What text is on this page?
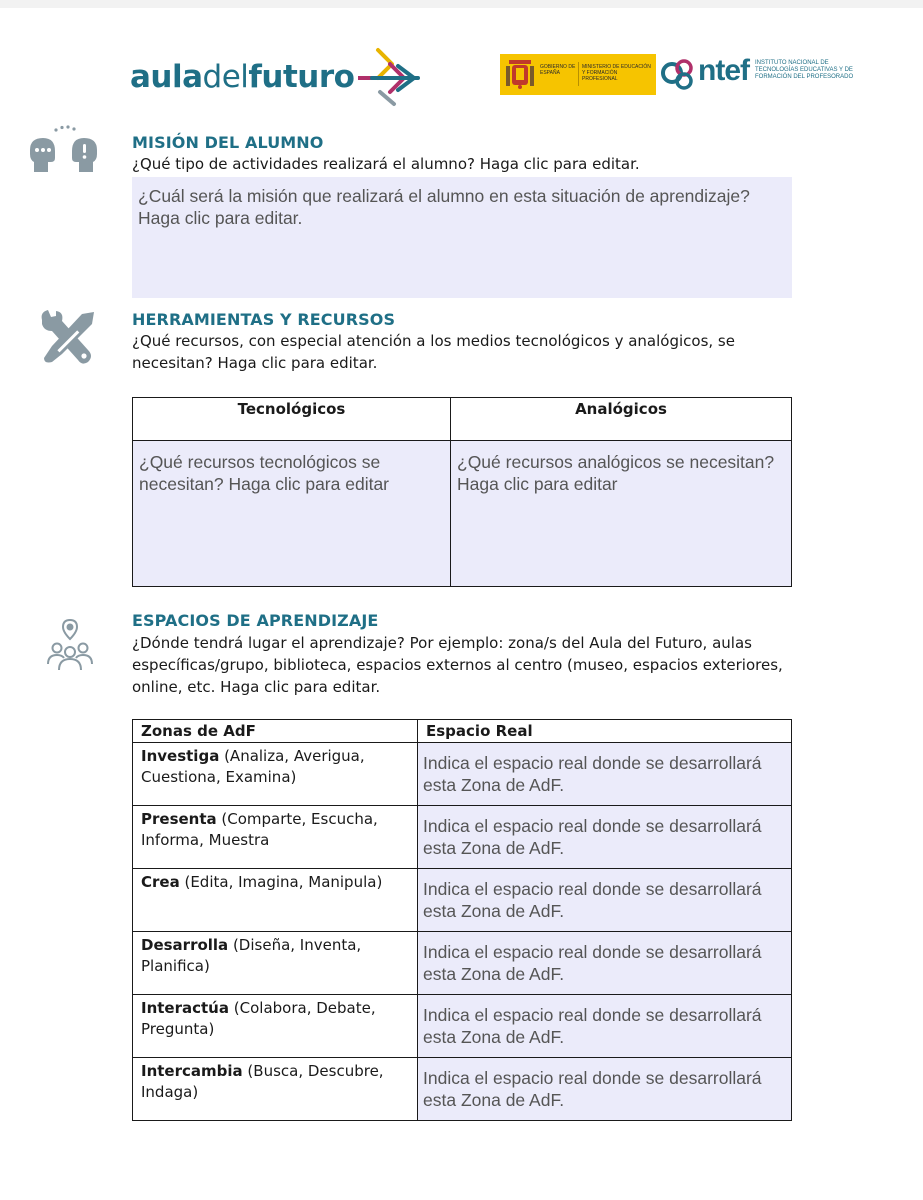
auladelfuturo	GOBIERNO DE ESPAÑA
MINISTERIO DE EDUCACIÓN Y FORMACIÓN PROFESIONAL	ntef INSTITUTO NACIONAL DE TECNOLOGÍAS EDUCATIVAS Y DE FORMACIÓN DEL PROFESORADO
MISIÓN DEL ALUMNO
¿Qué tipo de actividades realizará el alumno? Haga clic para editar.
¿Cuál será la misión que realizará el alumno en esta situación de aprendizaje? Haga clic para editar.
HERRAMIENTAS Y RECURSOS
¿Qué recursos, con especial atención a los medios tecnológicos y analógicos, se necesitan? Haga clic para editar.
Tecnológicos	Analógicos
¿Qué recursos tecnológicos se necesitan? Haga clic para editar	¿Qué recursos analógicos se necesitan? Haga clic para editar
ESPACIOS DE APRENDIZAJE
¿Dónde tendrá lugar el aprendizaje? Por ejemplo: zona/s del Aula del Futuro, aulas específicas/grupo, biblioteca, espacios externos al centro (museo, espacios exteriores, online, etc. Haga clic para editar.
Zonas de AdF	Espacio Real
Investiga (Analiza, Averigua, Cuestiona, Examina)	Indica el espacio real donde se desarrollará esta Zona de AdF.
Presenta (Comparte, Escucha, Informa, Muestra	Indica el espacio real donde se desarrollará esta Zona de AdF.
Crea (Edita, Imagina, Manipula)	Indica el espacio real donde se desarrollará esta Zona de AdF.
Desarrolla (Diseña, Inventa, Planifica)	Indica el espacio real donde se desarrollará esta Zona de AdF.
Interactúa (Colabora, Debate, Pregunta)	Indica el espacio real donde se desarrollará esta Zona de AdF.
Intercambia (Busca, Descubre, Indaga)	Indica el espacio real donde se desarrollará esta Zona de AdF.
